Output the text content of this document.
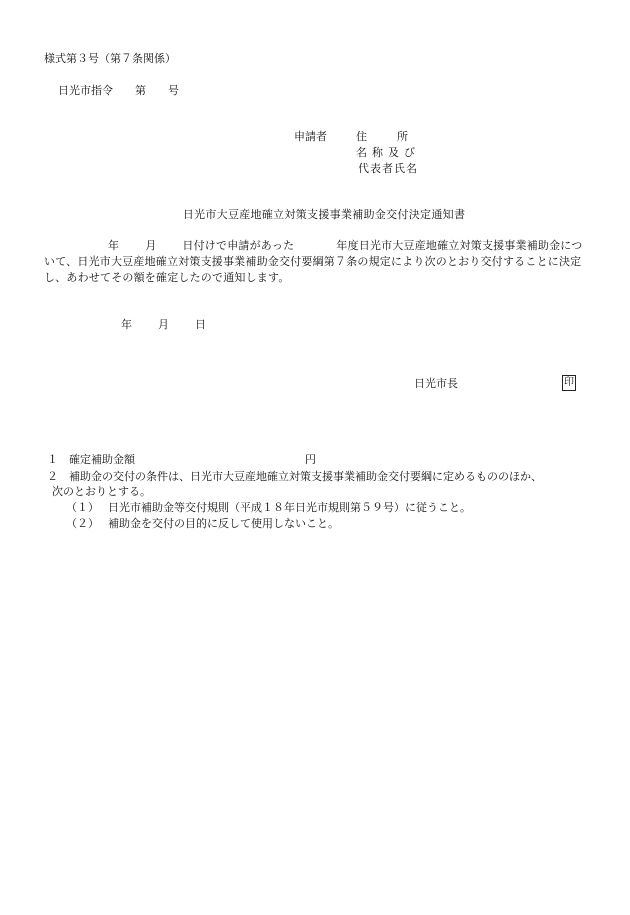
様式第３号（第７条関係）
日光市指令 第 号
申請者	住	所
名称及び
代表者氏名
日光市大豆産地確立対策支援事業補助金交付決定通知書
年 月 日付けで申請があった	年度日光市大豆産地確立対策支援事業補助金について、日光市大豆産地確立対策支援事業補助金交付要綱第７条の規定により次のとおり交付することに決定し、あわせてその額を確定したので通知します。
年 月 日
日光市長	印
１ 確定補助金額	円
２ 補助金の交付の条件は、日光市大豆産地確立対策支援事業補助金交付要綱に定めるもののほか、
次のとおりとする。
（１） 日光市補助金等交付規則（平成１８年日光市規則第５９号）に従うこと。
（２） 補助金を交付の目的に反して使用しないこと。
